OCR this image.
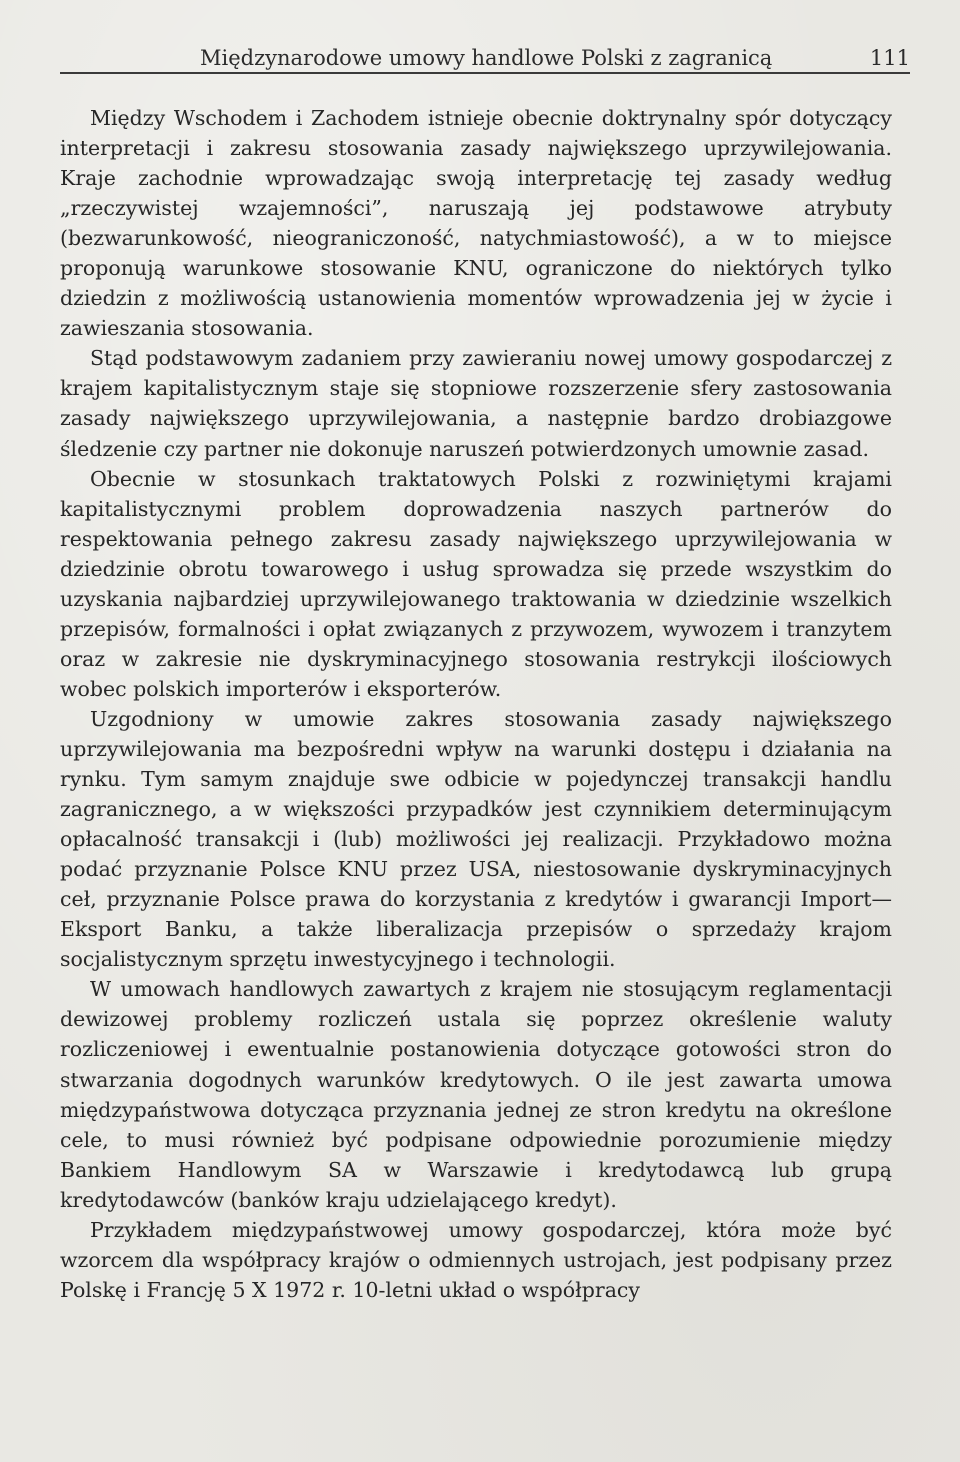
Międzynarodowe umowy handlowe Polski z zagranicą	111

Między Wschodem i Zachodem istnieje obecnie doktrynalny spór dotyczący interpretacji i zakresu stosowania zasady największego uprzywilejowania. Kraje zachodnie wprowadzając swoją interpretację tej zasady według „rzeczywistej wzajemności”, naruszają jej podstawowe atrybuty (bezwarunkowość, nieograniczoność, natychmiastowość), a w to miejsce proponują warunkowe stosowanie KNU, ograniczone do niektórych tylko dziedzin z możliwością ustanowienia momentów wprowadzenia jej w życie i zawieszania stosowania.

Stąd podstawowym zadaniem przy zawieraniu nowej umowy gospodarczej z krajem kapitalistycznym staje się stopniowe rozszerzenie sfery zastosowania zasady największego uprzywilejowania, a następnie bardzo drobiazgowe śledzenie czy partner nie dokonuje naruszeń potwierdzonych umownie zasad.

Obecnie w stosunkach traktatowych Polski z rozwiniętymi krajami kapitalistycznymi problem doprowadzenia naszych partnerów do respektowania pełnego zakresu zasady największego uprzywilejowania w dziedzinie obrotu towarowego i usług sprowadza się przede wszystkim do uzyskania najbardziej uprzywilejowanego traktowania w dziedzinie wszelkich przepisów, formalności i opłat związanych z przywozem, wywozem i tranzytem oraz w zakresie nie dyskryminacyjnego stosowania restrykcji ilościowych wobec polskich importerów i eksporterów.

Uzgodniony w umowie zakres stosowania zasady największego uprzywilejowania ma bezpośredni wpływ na warunki dostępu i działania na rynku. Tym samym znajduje swe odbicie w pojedynczej transakcji handlu zagranicznego, a w większości przypadków jest czynnikiem determinującym opłacalność transakcji i (lub) możliwości jej realizacji. Przykładowo można podać przyznanie Polsce KNU przez USA, niestosowanie dyskryminacyjnych ceł, przyznanie Polsce prawa do korzystania z kredytów i gwarancji Import—Eksport Banku, a także liberalizacja przepisów o sprzedaży krajom socjalistycznym sprzętu inwestycyjnego i technologii.

W umowach handlowych zawartych z krajem nie stosującym reglamentacji dewizowej problemy rozliczeń ustala się poprzez określenie waluty rozliczeniowej i ewentualnie postanowienia dotyczące gotowości stron do stwarzania dogodnych warunków kredytowych. O ile jest zawarta umowa międzypaństwowa dotycząca przyznania jednej ze stron kredytu na określone cele, to musi również być podpisane odpowiednie porozumienie między Bankiem Handlowym SA w Warszawie i kredytodawcą lub grupą kredytodawców (banków kraju udzielającego kredyt).

Przykładem międzypaństwowej umowy gospodarczej, która może być wzorcem dla współpracy krajów o odmiennych ustrojach, jest podpisany przez Polskę i Francję 5 X 1972 r. 10-letni układ o współpracy
